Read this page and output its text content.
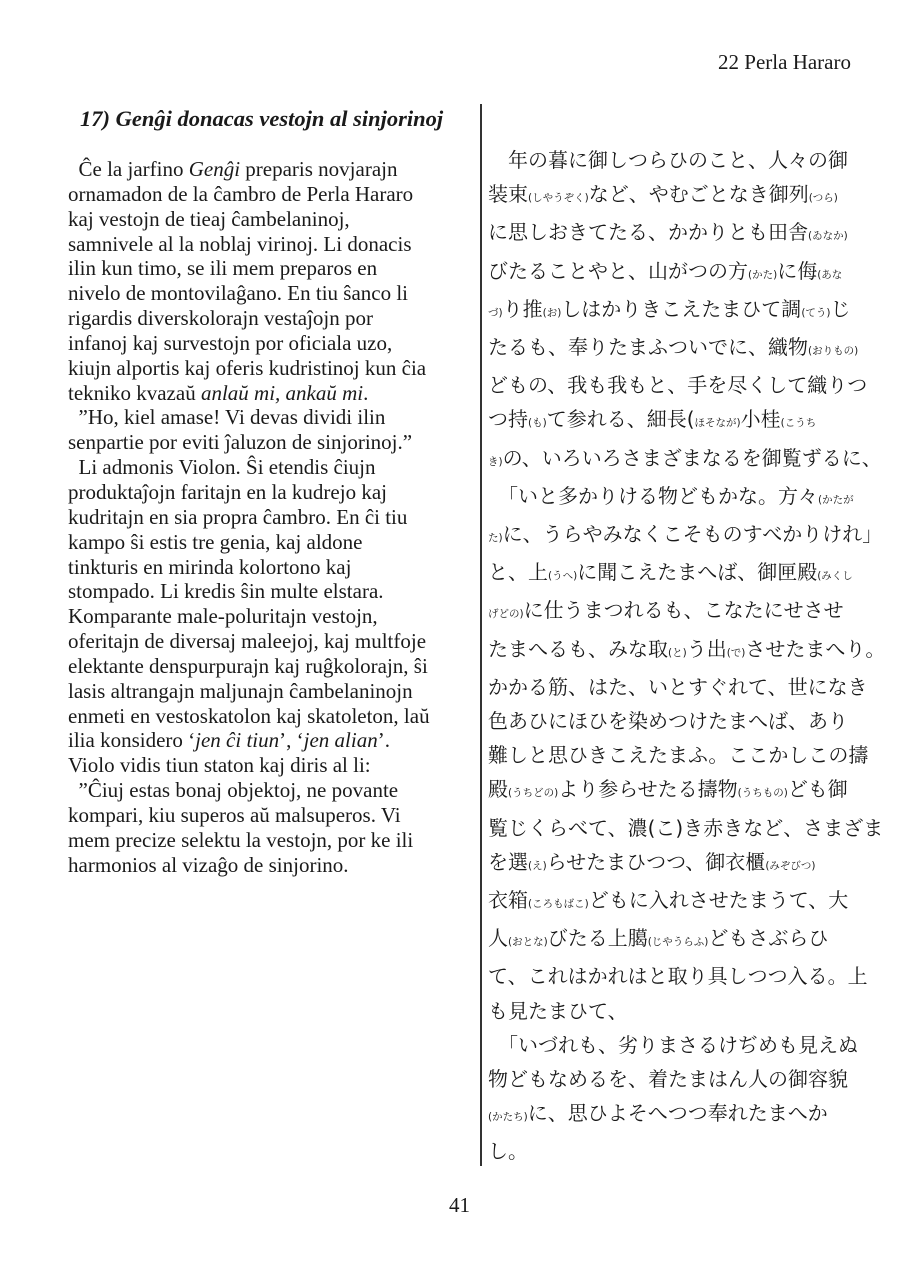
22 Perla Hararo
17) Genĝi donacas vestojn al sinjorinoj
Ĉe la jarfino Genĝi preparis novjarajn
ornamadon de la ĉambro de Perla Hararo
kaj vestojn de tieaj ĉambelaninoj,
samnivele al la noblaj virinoj. Li donacis
ilin kun timo, se ili mem preparos en
nivelo de montovilaĝano. En tiu ŝanco li
rigardis diverskolorajn vestaĵojn por
infanoj kaj survestojn por oficiala uzo,
kiujn alportis kaj oferis kudristinoj kun ĉia
tekniko kvazaŭ anlaŭ mi, ankaŭ mi.
”Ho, kiel amase! Vi devas dividi ilin
senpartie por eviti ĵaluzon de sinjorinoj.”
Li admonis Violon. Ŝi etendis ĉiujn
produktaĵojn faritajn en la kudrejo kaj
kudritajn en sia propra ĉambro. En ĉi tiu
kampo ŝi estis tre genia, kaj aldone
tinkturis en mirinda kolortono kaj
stompado. Li kredis ŝin multe elstara.
Komparante male-poluritajn vestojn,
oferitajn de diversaj maleejoj, kaj multfoje
elektante denspurpurajn kaj ruĝkolorajn, ŝi
lasis altrangajn maljunajn ĉambelaninojn
enmeti en vestoskatolon kaj skatoleton, laŭ
ilia konsidero ‘jen ĉi tiun’, ‘jen alian’.
Violo vidis tiun staton kaj diris al li:
”Ĉiuj estas bonaj objektoj, ne povante
kompari, kiu superos aŭ malsuperos. Vi
mem precize selektu la vestojn, por ke ili
harmonios al vizaĝo de sinjorino.
　年の暮に御しつらひのこと、人々の御
装束(しやうぞく)など、やむごとなき御列(つら)
に思しおきてたる、かかりとも田舎(ゐなか)
びたることやと、山がつの方(かた)に侮(あな
づ)り推(お)しはかりきこえたまひて調(てう)じ
たるも、奉りたまふついでに、織物(おりもの)
どもの、我も我もと、手を尽くして織りつ
つ持(も)て参れる、細長(ほそなが)小桂(こうち
き)の、いろいろさまざまなるを御覧ずるに、
　「いと多かりける物どもかな。方々(かたが
た)に、うらやみなくこそものすべかりけれ」
と、上(うへ)に聞こえたまへば、御匣殿(みくし
げどの)に仕うまつれるも、こなたにせさせ
たまへるも、みな取(と)う出(で)させたまへり。
かかる筋、はた、いとすぐれて、世になき
色あひにほひを染めつけたまへば、あり
難しと思ひきこえたまふ。ここかしこの擣
殿(うちどの)より参らせたる擣物(うちもの)ども御
覧じくらべて、濃(こ)き赤きなど、さまざま
を選(え)らせたまひつつ、御衣櫃(みぞびつ)
衣箱(ころもばこ)どもに入れさせたまうて、大
人(おとな)びたる上臈(じやうらふ)どもさぶらひ
て、これはかれはと取り具しつつ入る。上
も見たまひて、
　「いづれも、劣りまさるけぢめも見えぬ
物どもなめるを、着たまはん人の御容貌
(かたち)に、思ひよそへつつ奉れたまへか
し。
41
